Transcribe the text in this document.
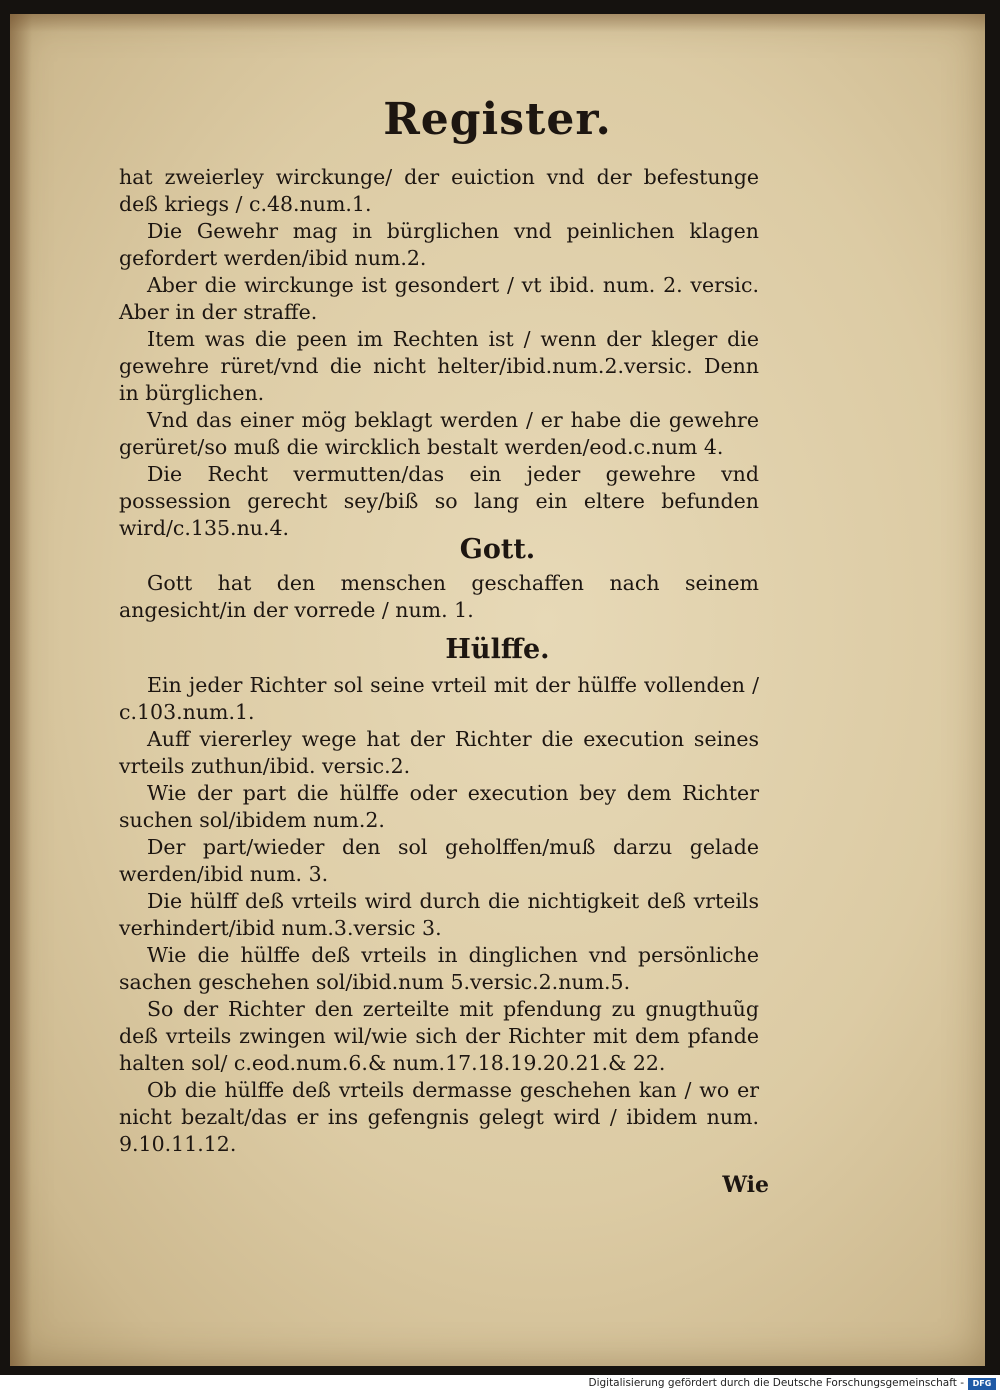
Register.

hat zweierley wirckunge/ der euiction vnd der befestunge deß kriegs / c.48.num.1.

Die Gewehr mag in bürglichen vnd peinlichen klagen gefordert werden/ibid num.2.

Aber die wirckunge ist gesondert / vt ibid. num. 2. versic. Aber in der straffe.

Item was die peen im Rechten ist / wenn der kleger die gewehre rüret/vnd die nicht helter/ibid.num.2.versic. Denn in bürglichen.

Vnd das einer mög beklagt werden / er habe die gewehre gerüret/so muß die wircklich bestalt werden/eod.c.num 4.

Die Recht vermutten/das ein jeder gewehre vnd possession gerecht sey/biß so lang ein eltere befunden wird/c.135.nu.4.

Gott.

Gott hat den menschen geschaffen nach seinem angesicht/in der vorrede / num. 1.

Hülffe.

Ein jeder Richter sol seine vrteil mit der hülffe vollenden / c.103.num.1.

Auff viererley wege hat der Richter die execution seines vrteils zuthun/ibid. versic.2.

Wie der part die hülffe oder execution bey dem Richter suchen sol/ibidem num.2.

Der part/wieder den sol geholffen/muß darzu gelade werden/ibid num. 3.

Die hülff deß vrteils wird durch die nichtigkeit deß vrteils verhindert/ibid num.3.versic 3.

Wie die hülffe deß vrteils in dinglichen vnd persönliche sachen geschehen sol/ibid.num 5.versic.2.num.5.

So der Richter den zerteilte mit pfendung zu gnugthuũg deß vrteils zwingen wil/wie sich der Richter mit dem pfande halten sol/ c.eod.num.6.& num.17.18.19.20.21.& 22.

Ob die hülffe deß vrteils dermasse geschehen kan / wo er nicht bezalt/das er ins gefengnis gelegt wird / ibidem num. 9.10.11.12.

Wie
Digitalisierung gefördert durch die Deutsche Forschungsgemeinschaft -	DFG
